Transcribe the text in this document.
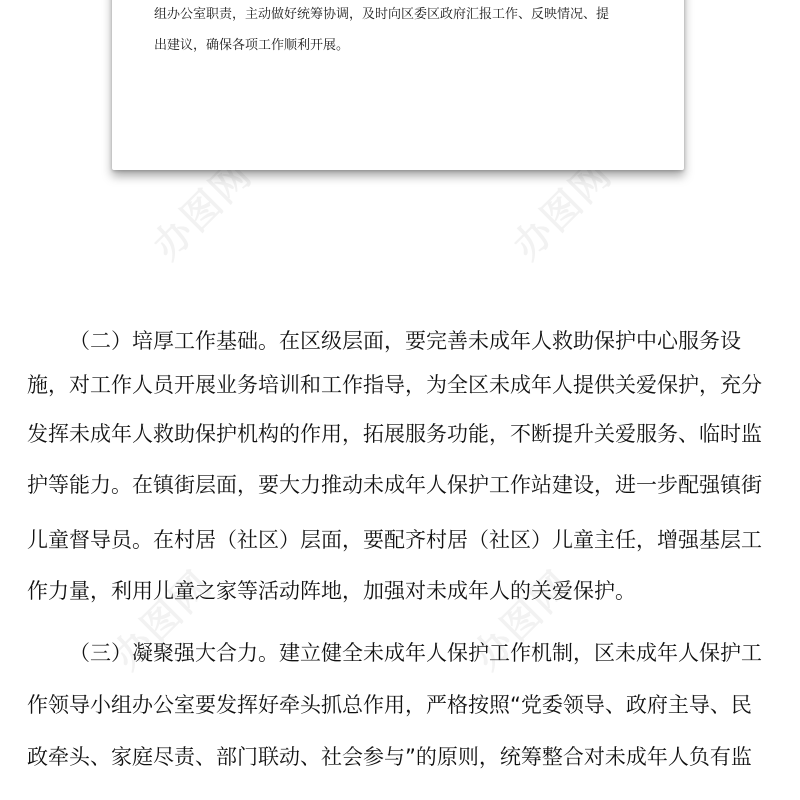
办图网	办图网
办图网	办图网
组办公室职责，主动做好统筹协调，及时向区委区政府汇报工作、反映情况、提
出建议，确保各项工作顺利开展。
（二）培厚工作基础。在区级层面，要完善未成年人救助保护中心服务设
施，对工作人员开展业务培训和工作指导，为全区未成年人提供关爱保护，充分
发挥未成年人救助保护机构的作用，拓展服务功能，不断提升关爱服务、临时监
护等能力。在镇街层面，要大力推动未成年人保护工作站建设，进一步配强镇街
儿童督导员。在村居（社区）层面，要配齐村居（社区）儿童主任，增强基层工
作力量，利用儿童之家等活动阵地，加强对未成年人的关爱保护。
（三）凝聚强大合力。建立健全未成年人保护工作机制，区未成年人保护工
作领导小组办公室要发挥好牵头抓总作用，严格按照“党委领导、政府主导、民
政牵头、家庭尽责、部门联动、社会参与”的原则，统筹整合对未成年人负有监
